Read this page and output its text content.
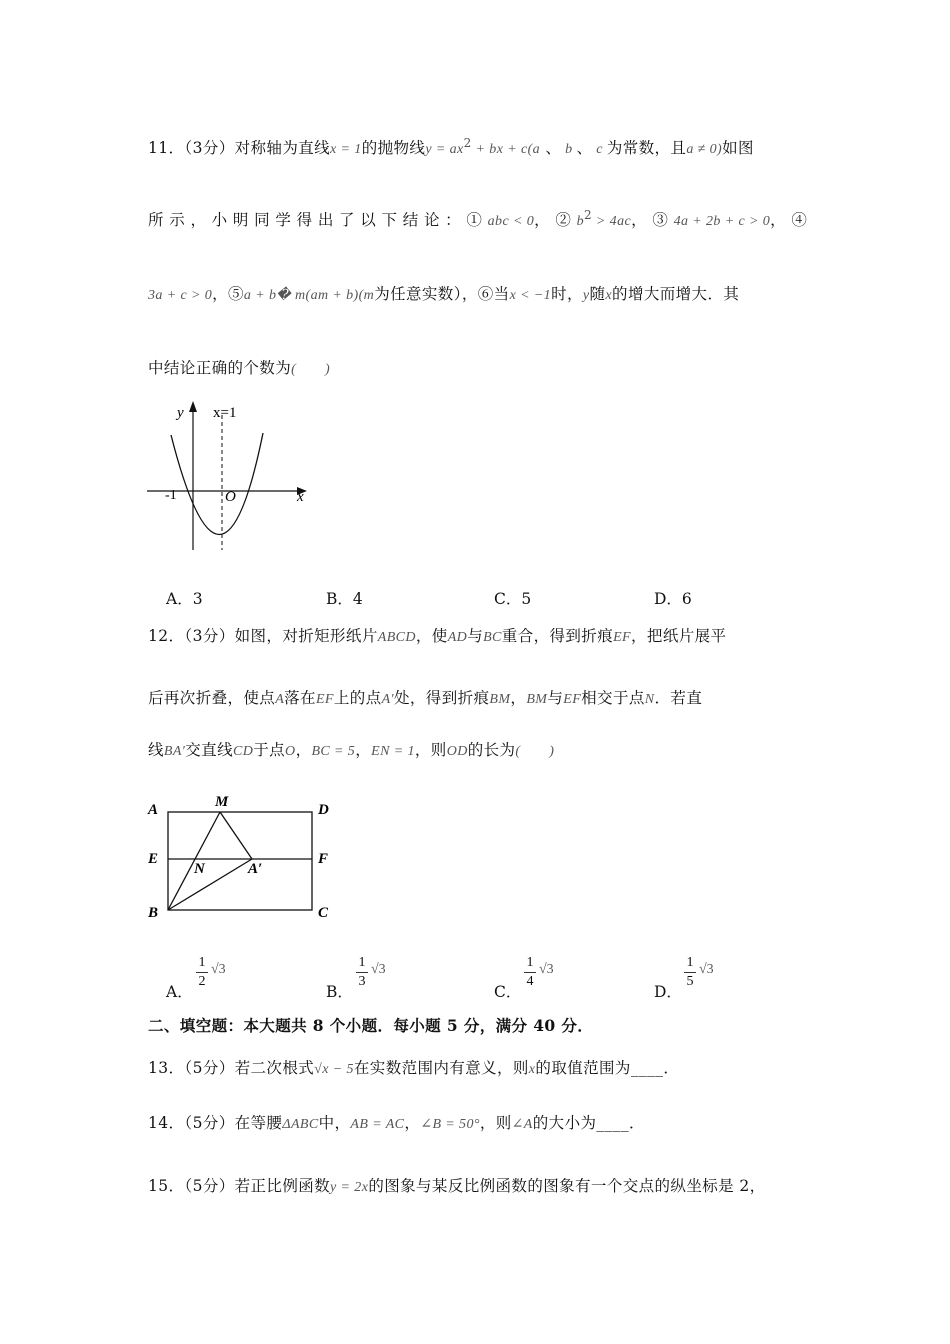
11．（3分）对称轴为直线x = 1的抛物线$y = ax^2$ + bx + c(a 、 b 、 c 为常数，且a ≠ 0)如图
所 示 ， 小 明 同 学 得 出 了 以 下 结 论 ： ① abc < 0， ② $b^2 > 4ac$， ③ 4a + 2b + c > 0， ④
3a + c > 0，⑤a + b� m(am + b)(m为任意实数），⑥当x < −1时，y随x的增大而增大．其
中结论正确的个数为(　　)
y x=1
-1	O	x
A．3	B．4	C．5	D．6
12．（3分）如图，对折矩形纸片ABCD，使AD与BC重合，得到折痕EF，把纸片展平
后再次折叠，使点A落在EF上的点A′处，得到折痕BM，BM与EF相交于点N．若直
线BA′交直线CD于点O，BC = 5，EN = 1，则OD的长为(　　)
A	M	D
E
N	A′
F
B	C
A．
1
2
√3
B．
1
3
√3
C．
1
4
√3
D．
1
5
√3
二、填空题：本大题共 8 个小题．每小题 5 分，满分 40 分．
13．（5分）若二次根式√x − 5在实数范围内有意义，则x的取值范围为____．
14．（5分）在等腰ΔABC中，AB = AC，∠B = 50°，则∠A的大小为____．
15．（5分）若正比例函数y = 2x的图象与某反比例函数的图象有一个交点的纵坐标是 2，
